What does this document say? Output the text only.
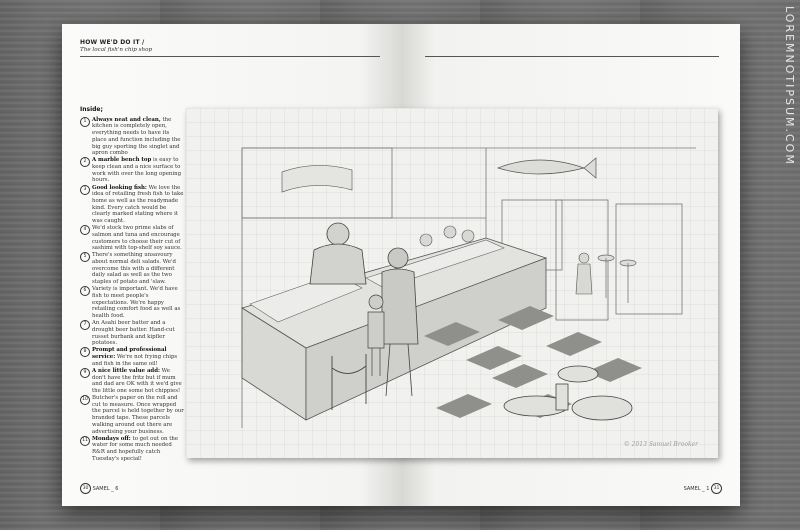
LOREMNOTIPSUM.COM
HOW WE'D DO IT /
The local fish'n chip shop
Inside;
1	Always neat and clean, the kitchen is completely open, everything needs to have its place and function including the big guy sporting the singlet and apron combo
2	A marble bench top is easy to keep clean and a nice surface to work with over the long opening hours.
3	Good looking fish: We love the idea of retailing fresh fish to take home as well as the readymade kind. Every catch would be clearly marked stating where it was caught.
4	We'd stock two prime slabs of salmon and tuna and encourage customers to choose their cut of sashimi with top-shelf soy sauce.
5	There's something unsavoury about normal deli salads. We'd overcome this with a different daily salad as well as the two staples of potato and 'slaw.
6	Variety is important. We'd have fish to meet people's expectations. We're happy retailing comfort food as well as health food.
7	An Asahi beer batter and a drought beer batter. Hand-cut russet burbank and kipfler potatoes.
8	Prompt and professional service: We're not frying chips and fish in the same oil!
9	A nice little value add: We don't have the fritz but if mum and dad are OK with it we'd give the little one some hot chippies!
10 Butcher's paper on the roll and cut to measure. Once wrapped the parcel is held together by our branded tape. These parcels walking around out there are advertising your business.
11 Mondays off: to get out on the water for some much needed R&R and hopefully catch Tuesday's special!
30 SAMEL _ 6	SAMEL _ 1 31
© 2013 Samuel Brooker
